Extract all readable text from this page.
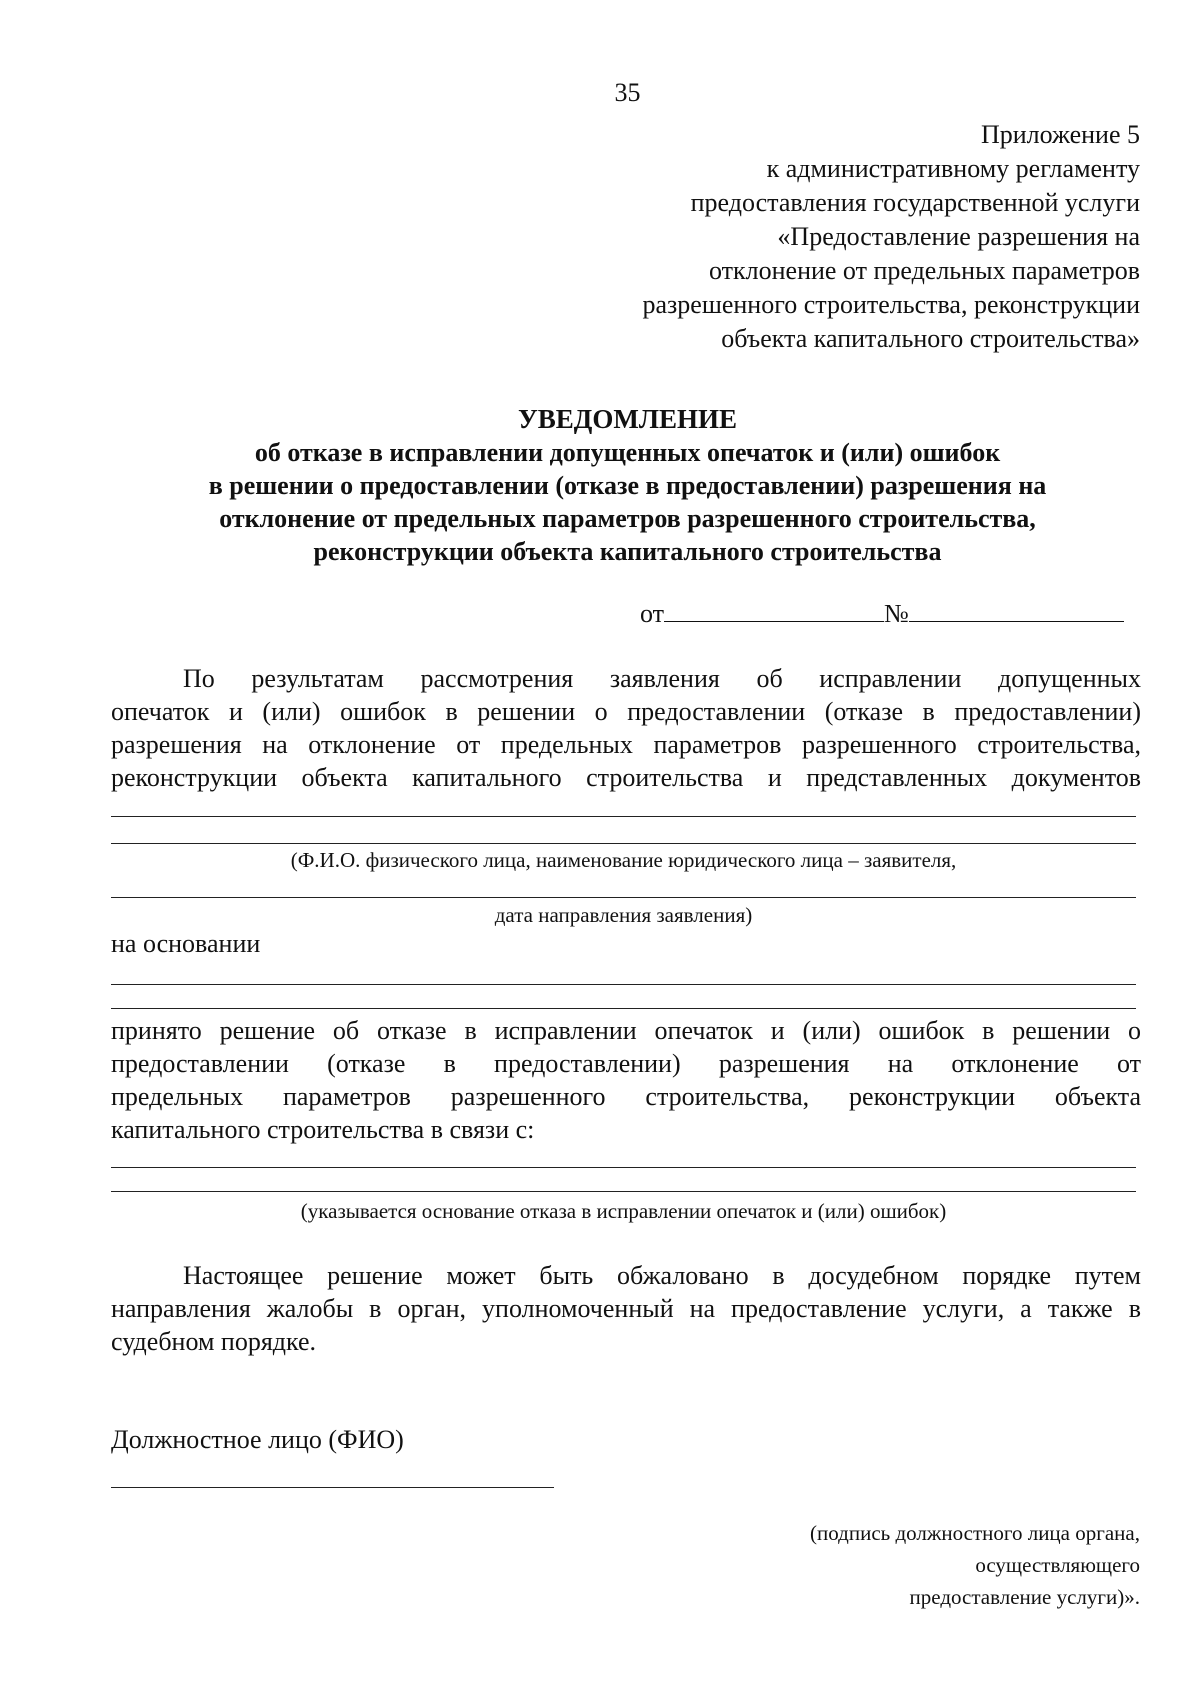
35
Приложение 5
к административному регламенту
предоставления государственной услуги
«Предоставление разрешения на
отклонение от предельных параметров
разрешенного строительства, реконструкции
объекта капитального строительства»
УВЕДОМЛЕНИЕ
об отказе в исправлении допущенных опечаток и (или) ошибок
в решении о предоставлении (отказе в предоставлении) разрешения на
отклонение от предельных параметров разрешенного строительства,
реконструкции объекта капитального строительства
от	№
По результатам рассмотрения заявления об исправлении допущенных
опечаток и (или) ошибок в решении о предоставлении (отказе в предоставлении)
разрешения на отклонение от предельных параметров разрешенного строительства,
реконструкции объекта капитального строительства и представленных документов
(Ф.И.О. физического лица, наименование юридического лица – заявителя,
дата направления заявления)
на основании
принято решение об отказе в исправлении опечаток и (или) ошибок в решении о
предоставлении (отказе в предоставлении) разрешения на отклонение от
предельных параметров разрешенного строительства, реконструкции объекта
капитального строительства в связи с:
(указывается основание отказа в исправлении опечаток и (или) ошибок)
Настоящее решение может быть обжаловано в досудебном порядке путем
направления жалобы в орган, уполномоченный на предоставление услуги, а также в
судебном порядке.
Должностное лицо (ФИО)
(подпись должностного лица органа,
осуществляющего
предоставление услуги)».
